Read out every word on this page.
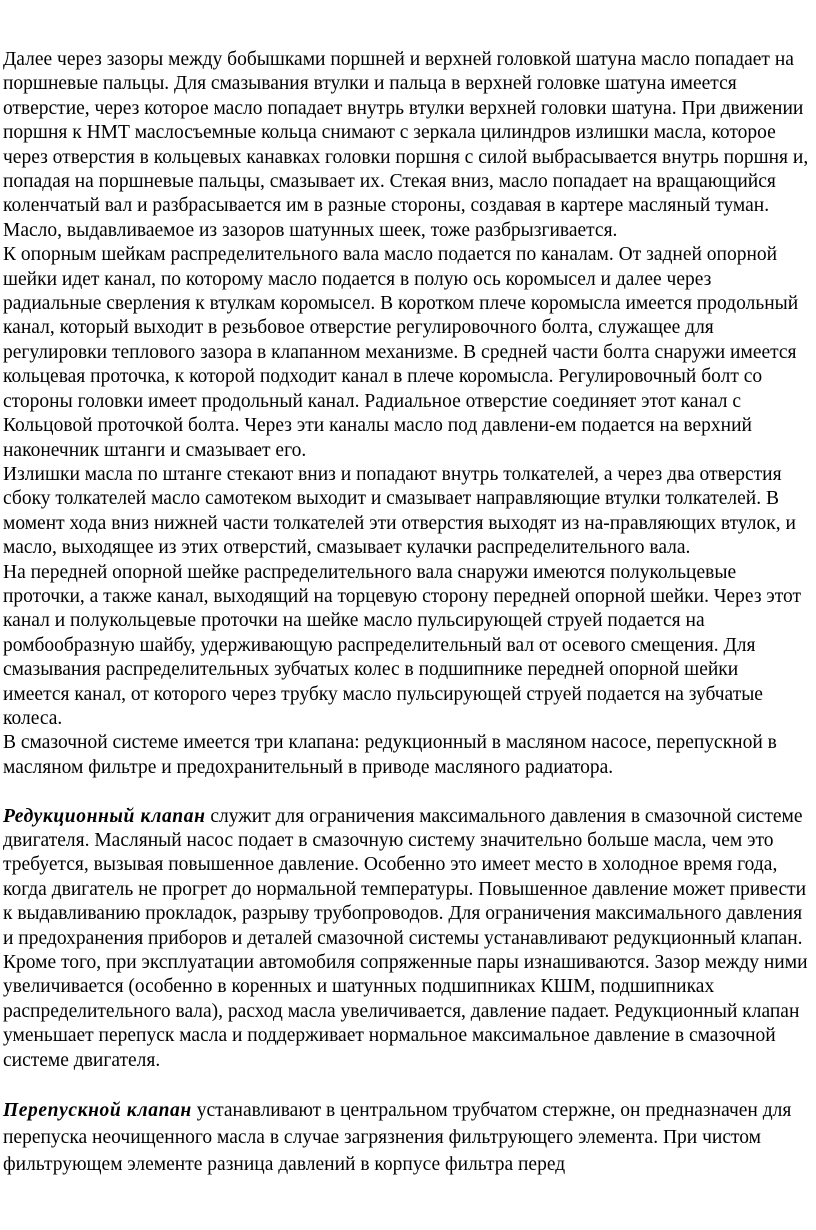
Далее через зазоры между бобышками поршней и верхней головкой шатуна масло попадает на поршневые пальцы. Для смазывания втулки и пальца в верхней головке шатуна имеется отверстие, через которое масло попадает внутрь втулки верхней головки шатуна. При движении поршня к НМТ маслосъемные кольца снимают с зеркала цилиндров излишки масла, которое через отверстия в кольцевых канавках головки поршня с силой выбрасывается внутрь поршня и, попадая на поршневые пальцы, смазывает их. Стекая вниз, масло попадает на вращающийся коленчатый вал и разбрасывается им в разные стороны, создавая в картере масляный туман. Масло, выдавливаемое из зазоров шатунных шеек, тоже разбрызгивается.

К опорным шейкам распределительного вала масло подается по каналам. От задней опорной шейки идет канал, по которому масло подается в полую ось коромысел и далее через радиальные сверления к втулкам коромысел. В коротком плече коромысла имеется продольный канал, который выходит в резьбовое отверстие регулировочного болта, служащее для регулировки теплового зазора в клапанном механизме. В средней части болта снаружи имеется кольцевая проточка, к которой подходит канал в плече коромысла. Регулировочный болт со стороны головки имеет продольный канал. Радиальное отверстие соединяет этот канал с Кольцовой проточкой болта. Через эти каналы масло под давлени-ем подается на верхний наконечник штанги и смазывает его.

Излишки масла по штанге стекают вниз и попадают внутрь толкателей, а через два отверстия сбоку толкателей масло самотеком выходит и смазывает направляющие втулки толкателей. В момент хода вниз нижней части толкателей эти отверстия выходят из на-правляющих втулок, и масло, выходящее из этих отверстий, смазывает кулачки распределительного вала.

На передней опорной шейке распределительного вала снаружи имеются полукольцевые проточки, а также канал, выходящий на торцевую сторону передней опорной шейки. Через этот канал и полукольцевые проточки на шейке масло пульсирующей струей подается на ромбообразную шайбу, удерживающую распределительный вал от осевого смещения. Для смазывания распределительных зубчатых колес в подшипнике передней опорной шейки имеется канал, от которого через трубку масло пульсирующей струей подается на зубчатые колеса.

В смазочной системе имеется три клапана: редукционный в масляном насосе, перепускной в масляном фильтре и предохранительный в приводе масляного радиатора.

Редукционный клапан служит для ограничения максимального давления в смазочной системе двигателя. Масляный насос подает в смазочную систему значительно больше масла, чем это требуется, вызывая повышенное давление. Особенно это имеет место в холодное время года, когда двигатель не прогрет до нормальной температуры. Повышенное давление может привести к выдавливанию прокладок, разрыву трубопроводов. Для ограничения максимального давления и предохранения приборов и деталей смазочной системы устанавливают редукционный клапан. Кроме того, при эксплуатации автомобиля сопряженные пары изнашиваются. Зазор между ними увеличивается (особенно в коренных и шатунных подшипниках КШМ, подшипниках распределительного вала), расход масла увеличивается, давление падает. Редукционный клапан уменьшает перепуск масла и поддерживает нормальное максимальное давление в смазочной системе двигателя.

Перепускной клапан устанавливают в центральном трубчатом стержне, он предназначен для перепуска неочищенного масла в случае загрязнения фильтрующего элемента. При чистом фильтрующем элементе разница давлений в корпусе фильтра перед
